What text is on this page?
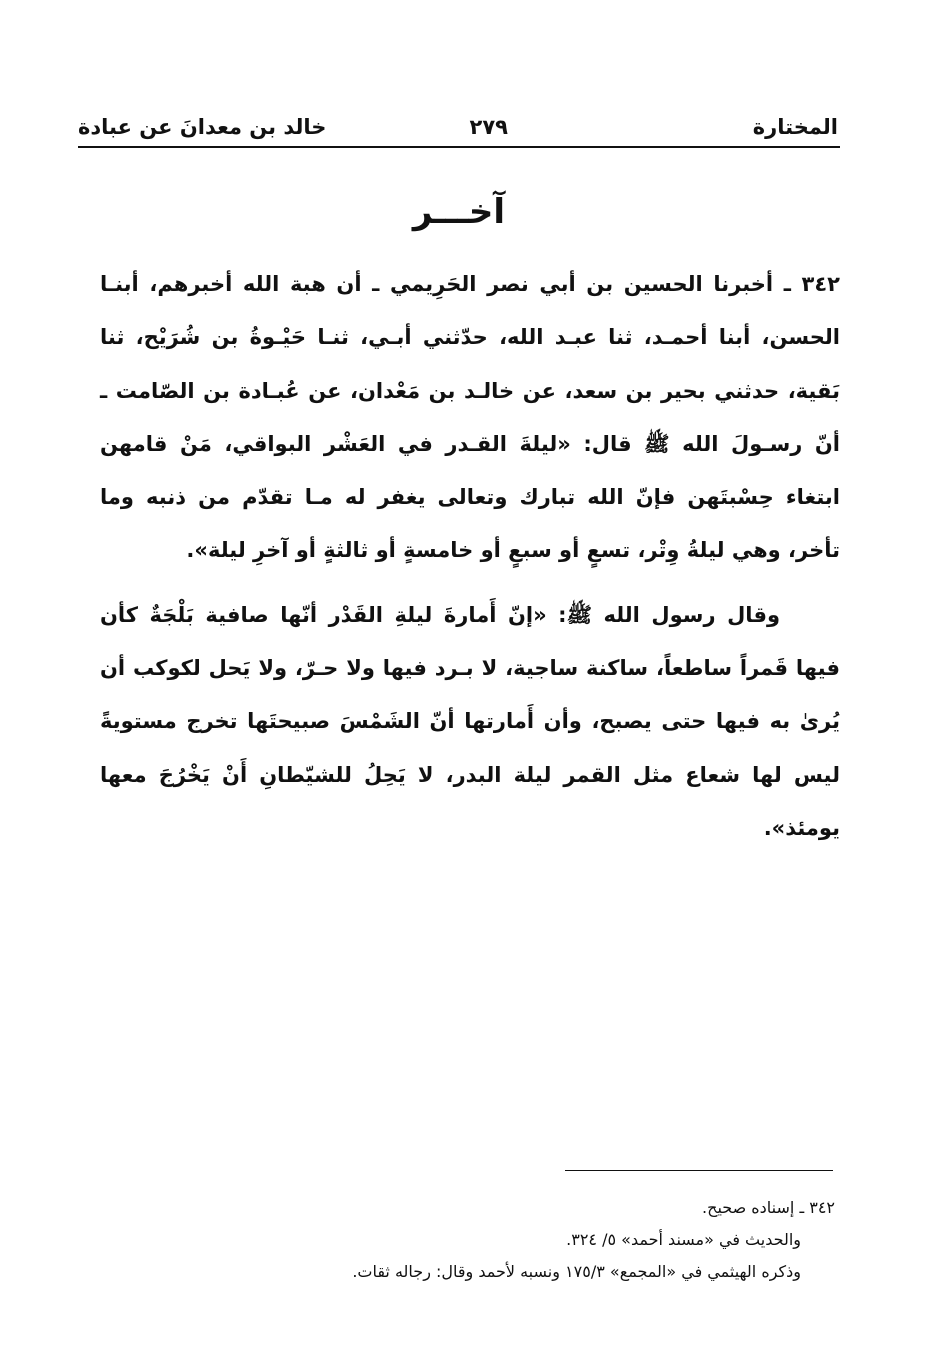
المختارة
٢٧٩
خالد بن معدانَ عن عبادة
آخـــر

٣٤٢ ـ أخبرنا الحسين بن أبي نصر الحَرِيمي ـ أن هبة الله أخبرهم، أبنـا الحسن، أبنا أحمـد، ثنا عبـد الله، حدّثني أبـي، ثنـا حَيْـوةُ بن شُرَيْح، ثنا بَقية، حدثني بحير بن سعد، عن خالـد بن مَعْدان، عن عُبـادة بن الصّامت ـ أنّ رسـولَ الله ﷺ قال: «ليلةَ القـدر في العَشْر البواقي، مَنْ قامهن ابتغاء حِسْبتَهن فإنّ الله تبارك وتعالى يغفر له مـا تقدّم من ذنبه وما تأخر، وهي ليلةُ وِتْر، تسعٍ أو سبعٍ أو خامسةٍ أو ثالثةٍ أو آخرِ ليلة».

وقال رسول الله ﷺ: «إنّ أَمارةَ ليلةِ القَدْر أنّها صافية بَلْجَةٌ كأن فيها قَمراً ساطعاً، ساكنة ساجية، لا بـرد فيها ولا حـرّ، ولا يَحل لكوكب أن يُرىٰ به فيها حتى يصبح، وأن أَمارتها أنّ الشَمْسَ صبيحتَها تخرج مستويةً ليس لها شعاع مثل القمر ليلة البدر، لا يَحِلُ للشيّطانِ أَنْ يَخْرُجَ معها يومئذ».

٣٤٢ ـ إسناده صحيح.
والحديث في «مسند أحمد» ٥/ ٣٢٤.
وذكره الهيثمي في «المجمع» ١٧٥/٣ ونسبه لأحمد وقال: رجاله ثقات.
